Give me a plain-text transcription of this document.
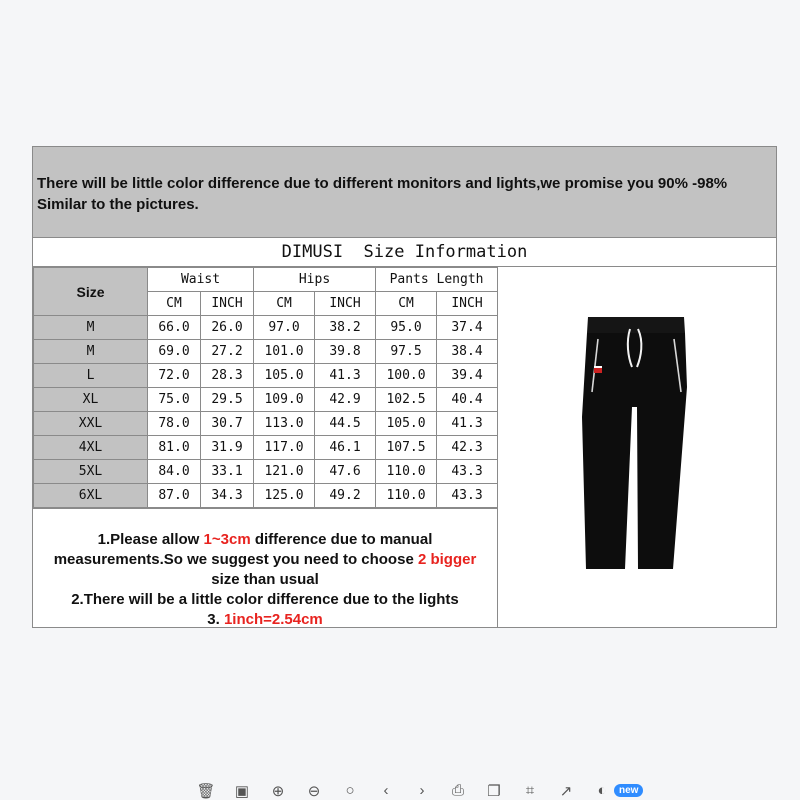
There will be little color difference due to different monitors and lights,we promise you 90% -98%
Similar to the pictures.
DIMUSI  Size Information
Size	Waist		Hips		Pants Length	
	CM	INCH	CM	INCH	CM	INCH
M	66.0	26.0	97.0	38.2	95.0	37.4
M	69.0	27.2	101.0	39.8	97.5	38.4
L	72.0	28.3	105.0	41.3	100.0	39.4
XL	75.0	29.5	109.0	42.9	102.5	40.4
XXL	78.0	30.7	113.0	44.5	105.0	41.3
4XL	81.0	31.9	117.0	46.1	107.5	42.3
5XL	84.0	33.1	121.0	47.6	110.0	43.3
6XL	87.0	34.3	125.0	49.2	110.0	43.3
1.Please allow 1~3cm difference due to manual
measurements.So we suggest you need to choose 2 bigger
size than usual
2.There will be a little color difference due to the lights
3. 1inch=2.54cm
🗑 ▣	⊕	⊖	○	‹	›	⎙	❐	⌗	↗	◐	new
